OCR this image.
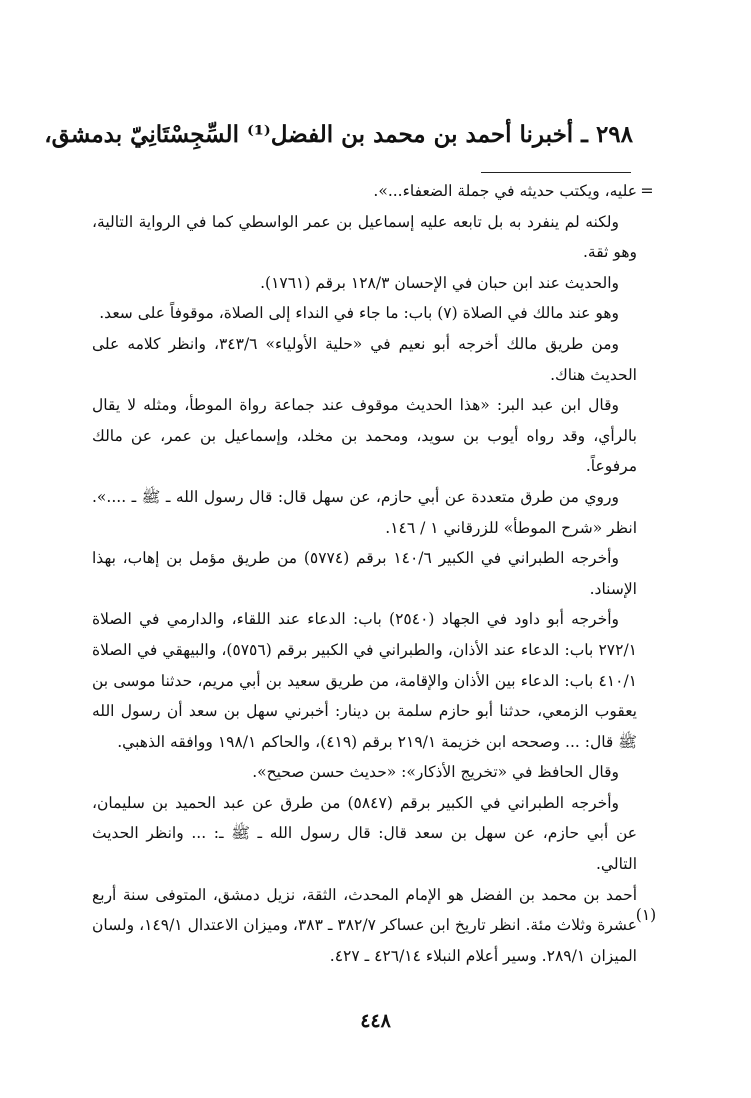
٢٩٨ ـ أخبرنا أحمد بن محمد بن الفضل⁽¹⁾ السِّجِسْتَانِيّ بدمشق،
=

عليه، ويكتب حديثه في جملة الضعفاء...».

ولكنه لم ينفرد به بل تابعه عليه إسماعيل بن عمر الواسطي كما في الرواية التالية، وهو ثقة.

والحديث عند ابن حبان في الإحسان ١٢٨/٣ برقم (١٧٦١).

وهو عند مالك في الصلاة (٧) باب: ما جاء في النداء إلى الصلاة، موقوفاً على سعد.

ومن طريق مالك أخرجه أبو نعيم في «حلية الأولياء» ٣٤٣/٦، وانظر كلامه على الحديث هناك.

وقال ابن عبد البر: «هذا الحديث موقوف عند جماعة رواة الموطأ، ومثله لا يقال بالرأي، وقد رواه أيوب بن سويد، ومحمد بن مخلد، وإسماعيل بن عمر، عن مالك مرفوعاً.

وروي من طرق متعددة عن أبي حازم، عن سهل قال: قال رسول الله ـ ﷺ ـ ....». انظر «شرح الموطأ» للزرقاني ١ / ١٤٦.

وأخرجه الطبراني في الكبير ١٤٠/٦ برقم (٥٧٧٤) من طريق مؤمل بن إهاب، بهذا الإسناد.

وأخرجه أبو داود في الجهاد (٢٥٤٠) باب: الدعاء عند اللقاء، والدارمي في الصلاة ٢٧٢/١ باب: الدعاء عند الأذان، والطبراني في الكبير برقم (٥٧٥٦)، والبيهقي في الصلاة ٤١٠/١ باب: الدعاء بين الأذان والإقامة، من طريق سعيد بن أبي مريم، حدثنا موسى بن يعقوب الزمعي، حدثنا أبو حازم سلمة بن دينار: أخبرني سهل بن سعد أن رسول الله ﷺ قال: ... وصححه ابن خزيمة ٢١٩/١ برقم (٤١٩)، والحاكم ١٩٨/١ ووافقه الذهبي.

وقال الحافظ في «تخريج الأذكار»: «حديث حسن صحيح».

وأخرجه الطبراني في الكبير برقم (٥٨٤٧) من طرق عن عبد الحميد بن سليمان، عن أبي حازم، عن سهل بن سعد قال: قال رسول الله ـ ﷺ ـ: ... وانظر الحديث التالي.

أحمد بن محمد بن الفضل هو الإمام المحدث، الثقة، نزيل دمشق، المتوفى سنة أربع عشرة وثلاث مئة. انظر تاريخ ابن عساكر ٣٨٢/٧ ـ ٣٨٣، وميزان الاعتدال ١٤٩/١، ولسان الميزان ٢٨٩/١. وسير أعلام النبلاء ٤٢٦/١٤ ـ ٤٢٧.

(١)
٤٤٨
